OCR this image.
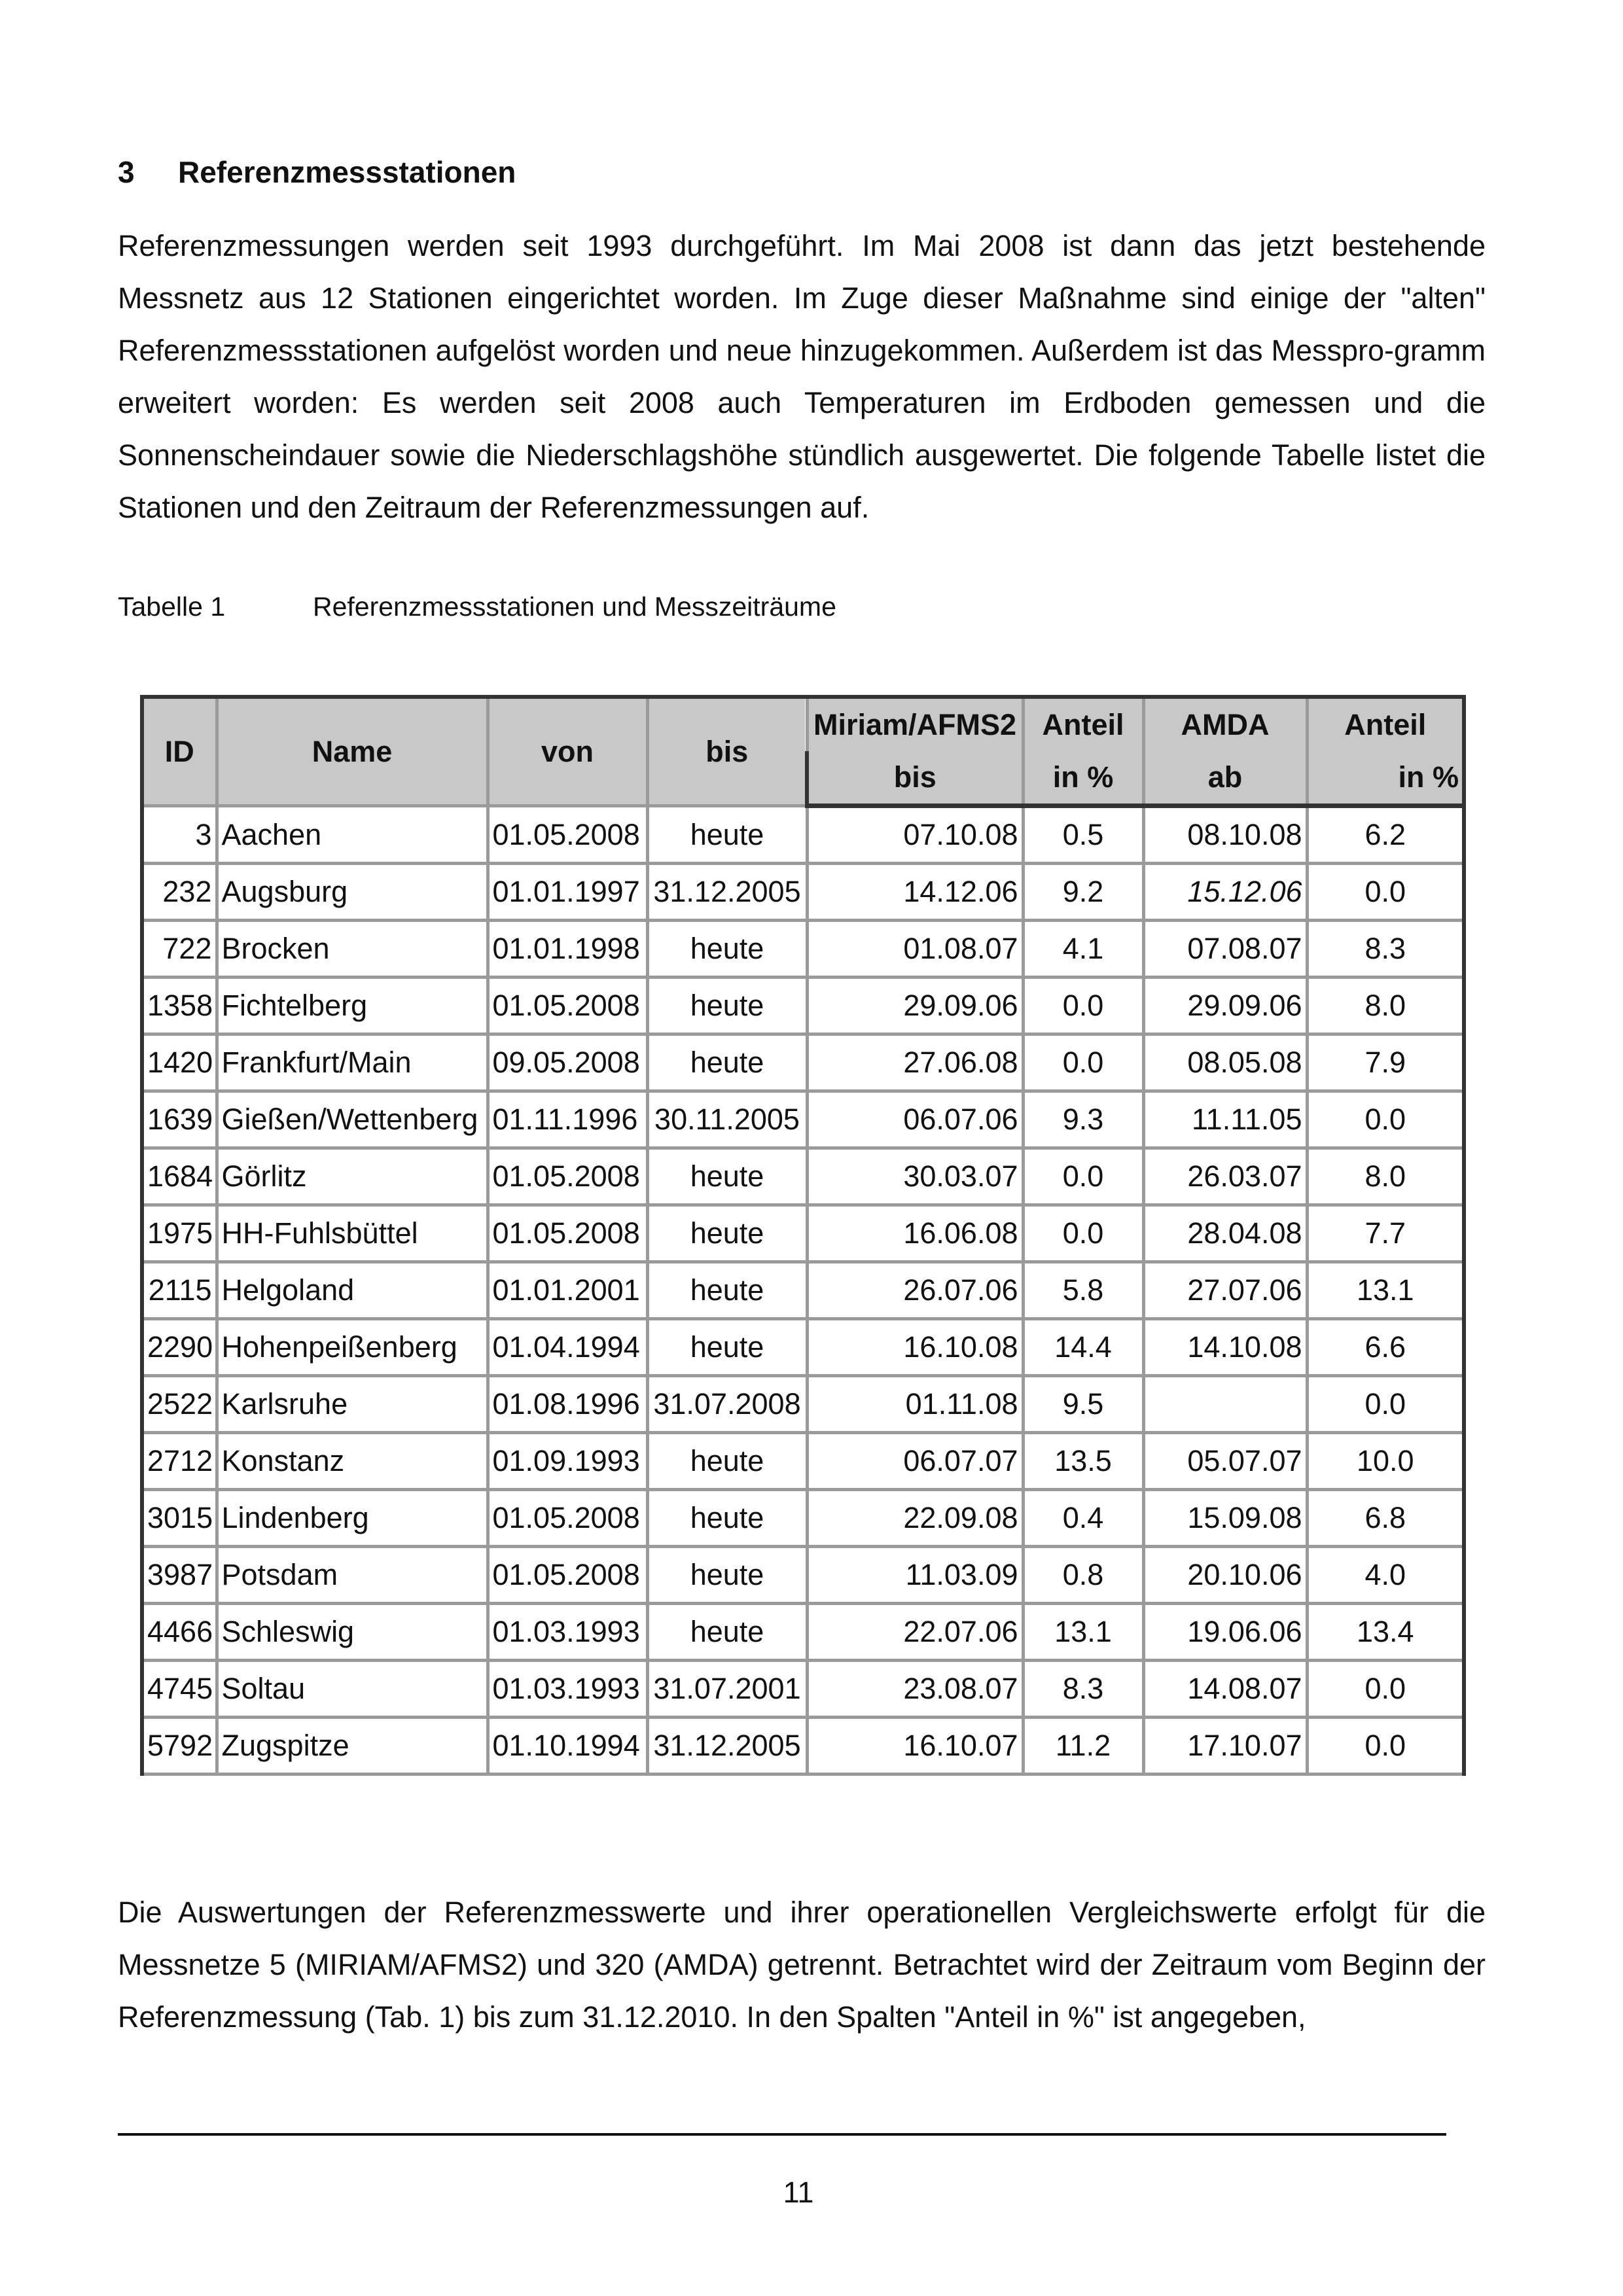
3 Referenzmessstationen

Referenzmessungen werden seit 1993 durchgeführt. Im Mai 2008 ist dann das jetzt bestehende Messnetz aus 12 Stationen eingerichtet worden. Im Zuge dieser Maßnahme sind einige der "alten" Referenzmessstationen aufgelöst worden und neue hinzugekommen. Außerdem ist das Messpro-gramm erweitert worden: Es werden seit 2008 auch Temperaturen im Erdboden gemessen und die Sonnenscheindauer sowie die Niederschlagshöhe stündlich ausgewertet. Die folgende Tabelle listet die Stationen und den Zeitraum der Referenzmessungen auf.

Tabelle 1	Referenzmessstationen und Messzeiträume
ID	Name	von	bis	Miriam/AFMS2	Anteil	AMDA	Anteil
				bis	in %	ab	in %
3	Aachen	01.05.2008	heute	07.10.08	0.5	08.10.08	6.2
232	Augsburg	01.01.1997	31.12.2005	14.12.06	9.2	15.12.06	0.0
722	Brocken	01.01.1998	heute	01.08.07	4.1	07.08.07	8.3
1358	Fichtelberg	01.05.2008	heute	29.09.06	0.0	29.09.06	8.0
1420	Frankfurt/Main	09.05.2008	heute	27.06.08	0.0	08.05.08	7.9
1639	Gießen/Wettenberg	01.11.1996	30.11.2005	06.07.06	9.3	11.11.05	0.0
1684	Görlitz	01.05.2008	heute	30.03.07	0.0	26.03.07	8.0
1975	HH-Fuhlsbüttel	01.05.2008	heute	16.06.08	0.0	28.04.08	7.7
2115	Helgoland	01.01.2001	heute	26.07.06	5.8	27.07.06	13.1
2290	Hohenpeißenberg	01.04.1994	heute	16.10.08	14.4	14.10.08	6.6
2522	Karlsruhe	01.08.1996	31.07.2008	01.11.08	9.5		0.0
2712	Konstanz	01.09.1993	heute	06.07.07	13.5	05.07.07	10.0
3015	Lindenberg	01.05.2008	heute	22.09.08	0.4	15.09.08	6.8
3987	Potsdam	01.05.2008	heute	11.03.09	0.8	20.10.06	4.0
4466	Schleswig	01.03.1993	heute	22.07.06	13.1	19.06.06	13.4
4745	Soltau	01.03.1993	31.07.2001	23.08.07	8.3	14.08.07	0.0
5792	Zugspitze	01.10.1994	31.12.2005	16.10.07	11.2	17.10.07	0.0

Die Auswertungen der Referenzmesswerte und ihrer operationellen Vergleichswerte erfolgt für die Messnetze 5 (MIRIAM/AFMS2) und 320 (AMDA) getrennt. Betrachtet wird der Zeitraum vom Beginn der Referenzmessung (Tab. 1) bis zum 31.12.2010. In den Spalten "Anteil in %" ist angegeben,

11
